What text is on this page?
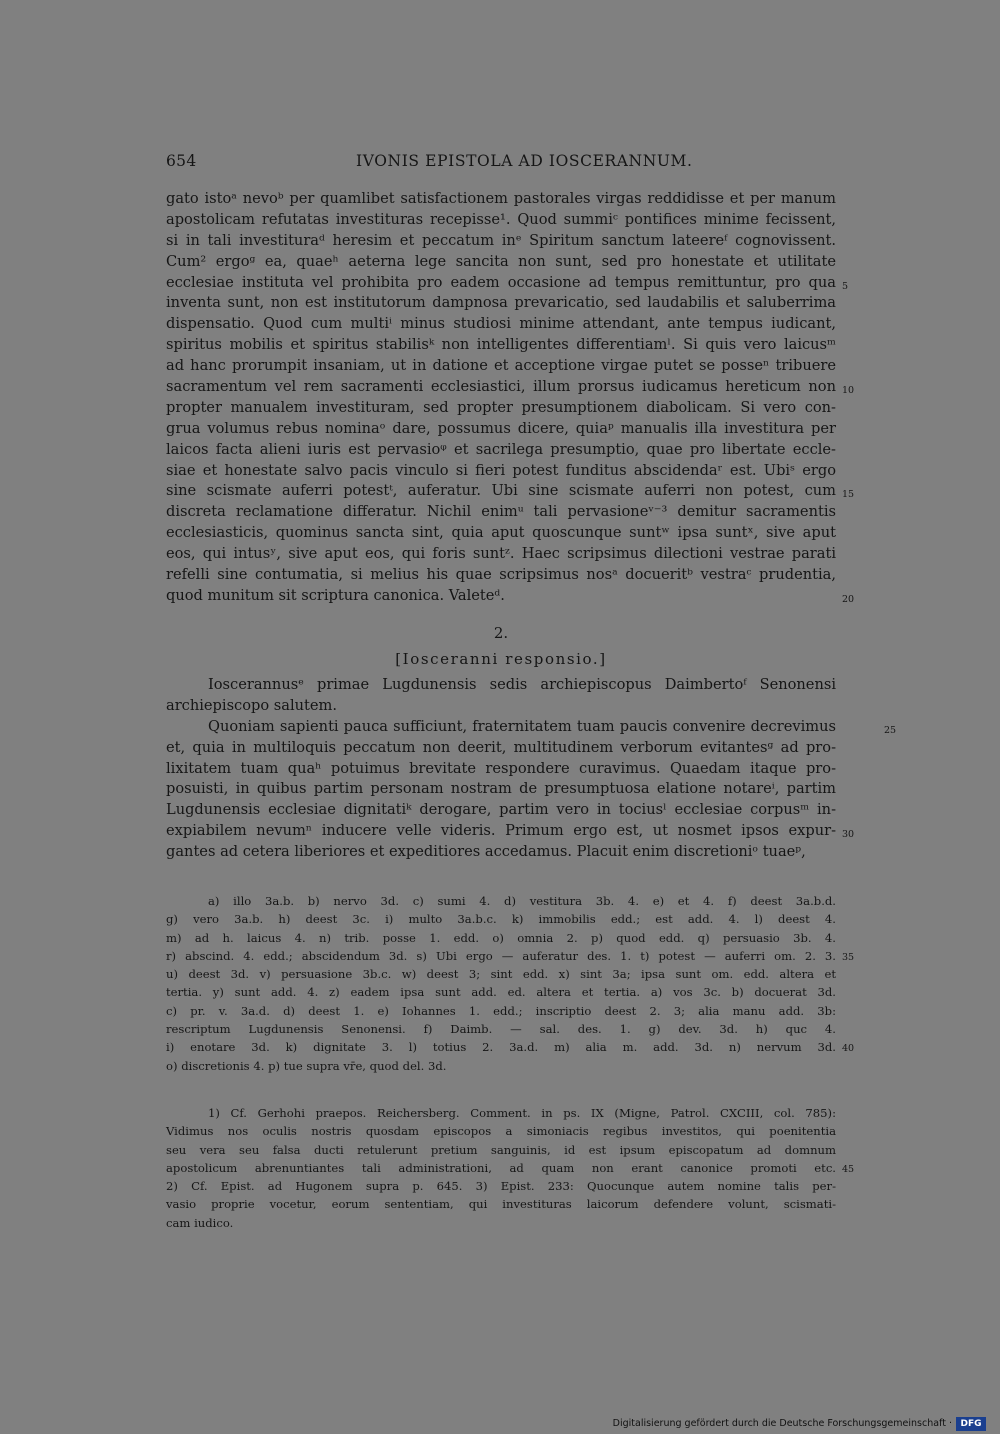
654	IVONIS EPISTOLA AD IOSCERANNUM.
gato istoᵃ nevoᵇ per quamlibet satisfactionem pastorales virgas reddidisse et per manum
apostolicam refutatas investituras recepisse¹. Quod summiᶜ pontifices minime fecissent,
si in tali investituraᵈ heresim et peccatum inᵉ Spiritum sanctum lateereᶠ cognovissent.
Cum² ergoᵍ ea, quaeʰ aeterna lege sancita non sunt, sed pro honestate et utilitate
ecclesiae instituta vel prohibita pro eadem occasione ad tempus remittuntur, pro qua 5
inventa sunt, non est institutorum dampnosa prevaricatio, sed laudabilis et saluberrima
dispensatio. Quod cum multiⁱ minus studiosi minime attendant, ante tempus iudicant,
spiritus mobilis et spiritus stabilisᵏ non intelligentes differentiamˡ. Si quis vero laicusᵐ
ad hanc prorumpit insaniam, ut in datione et acceptione virgae putet se posseⁿ tribuere
sacramentum vel rem sacramenti ecclesiastici, illum prorsus iudicamus hereticum non 10
propter manualem investituram, sed propter presumptionem diabolicam. Si vero con-
grua volumus rebus nominaᵒ dare, possumus dicere, quiaᵖ manualis illa investitura per
laicos facta alieni iuris est pervasioᵠ et sacrilega presumptio, quae pro libertate eccle-
siae et honestate salvo pacis vinculo si fieri potest funditus abscidendaʳ est. Ubiˢ ergo
sine scismate auferri potestᵗ, auferatur. Ubi sine scismate auferri non potest, cum 15
discreta reclamatione differatur. Nichil enimᵘ tali pervasioneᵛ⁻³ demitur sacramentis
ecclesiasticis, quominus sancta sint, quia aput quoscunque suntʷ ipsa suntˣ, sive aput
eos, qui intusʸ, sive aput eos, qui foris suntᶻ. Haec scripsimus dilectioni vestrae parati
refelli sine contumatia, si melius his quae scripsimus nosᵃ docueritᵇ vestraᶜ prudentia,
quod munitum sit scriptura canonica. Valeteᵈ.	20
2.
[Iosceranni responsio.]
Ioscerannusᵉ primae Lugdunensis sedis archiepiscopus Daimbertoᶠ Senonensi
archiepiscopo salutem.
Quoniam sapienti pauca sufficiunt, fraternitatem tuam paucis convenire decrevimus	25
et, quia in multiloquis peccatum non deerit, multitudinem verborum evitantesᵍ ad pro-
lixitatem tuam quaʰ potuimus brevitate respondere curavimus. Quaedam itaque pro-
posuisti, in quibus partim personam nostram de presumptuosa elatione notareⁱ, partim
Lugdunensis ecclesiae dignitatiᵏ derogare, partim vero in tociusˡ ecclesiae corpusᵐ in-
expiabilem nevumⁿ inducere velle videris. Primum ergo est, ut nosmet ipsos expur- 30
gantes ad cetera liberiores et expeditiores accedamus. Placuit enim discretioniᵒ tuaeᵖ,
a) illo 3a.b. b) nervo 3d. c) sumi 4. d) vestitura 3b. 4. e) et 4. f) deest 3a.b.d.
g) vero 3a.b. h) deest 3c. i) multo 3a.b.c. k) immobilis edd.; est add. 4. l) deest 4.
m) ad h. laicus 4. n) trib. posse 1. edd. o) omnia 2. p) quod edd. q) persuasio 3b. 4.
r) abscind. 4. edd.; abscidendum 3d. s) Ubi ergo — auferatur des. 1. t) potest — auferri om. 2. 3. 35
u) deest 3d. v) persuasione 3b.c. w) deest 3; sint edd. x) sint 3a; ipsa sunt om. edd. altera et
tertia. y) sunt add. 4. z) eadem ipsa sunt add. ed. altera et tertia. a) vos 3c. b) docuerat 3d.
c) pr. v. 3a.d. d) deest 1. e) Iohannes 1. edd.; inscriptio deest 2. 3; alia manu add. 3b:
rescriptum Lugdunensis Senonensi. f) Daimb. — sal. des. 1. g) dev. 3d. h) quc 4.
i) enotare 3d. k) dignitate 3. l) totius 2. 3a.d. m) alia m. add. 3d. n) nervum 3d. 40
o) discretionis 4. p) tue supra vr̄e, quod del. 3d.
1) Cf. Gerhohi praepos. Reichersberg. Comment. in ps. IX (Migne, Patrol. CXCIII, col. 785):
Vidimus nos oculis nostris quosdam episcopos a simoniacis regibus investitos, qui poenitentia
seu vera seu falsa ducti retulerunt pretium sanguinis, id est ipsum episcopatum ad domnum
apostolicum abrenuntiantes tali administrationi, ad quam non erant canonice promoti etc. 45
2) Cf. Epist. ad Hugonem supra p. 645. 3) Epist. 233: Quocunque autem nomine talis per-
vasio proprie vocetur, eorum sententiam, qui investituras laicorum defendere volunt, scismati-
cam iudico.
Digitalisierung gefördert durch die Deutsche Forschungsgemeinschaft · DFG
